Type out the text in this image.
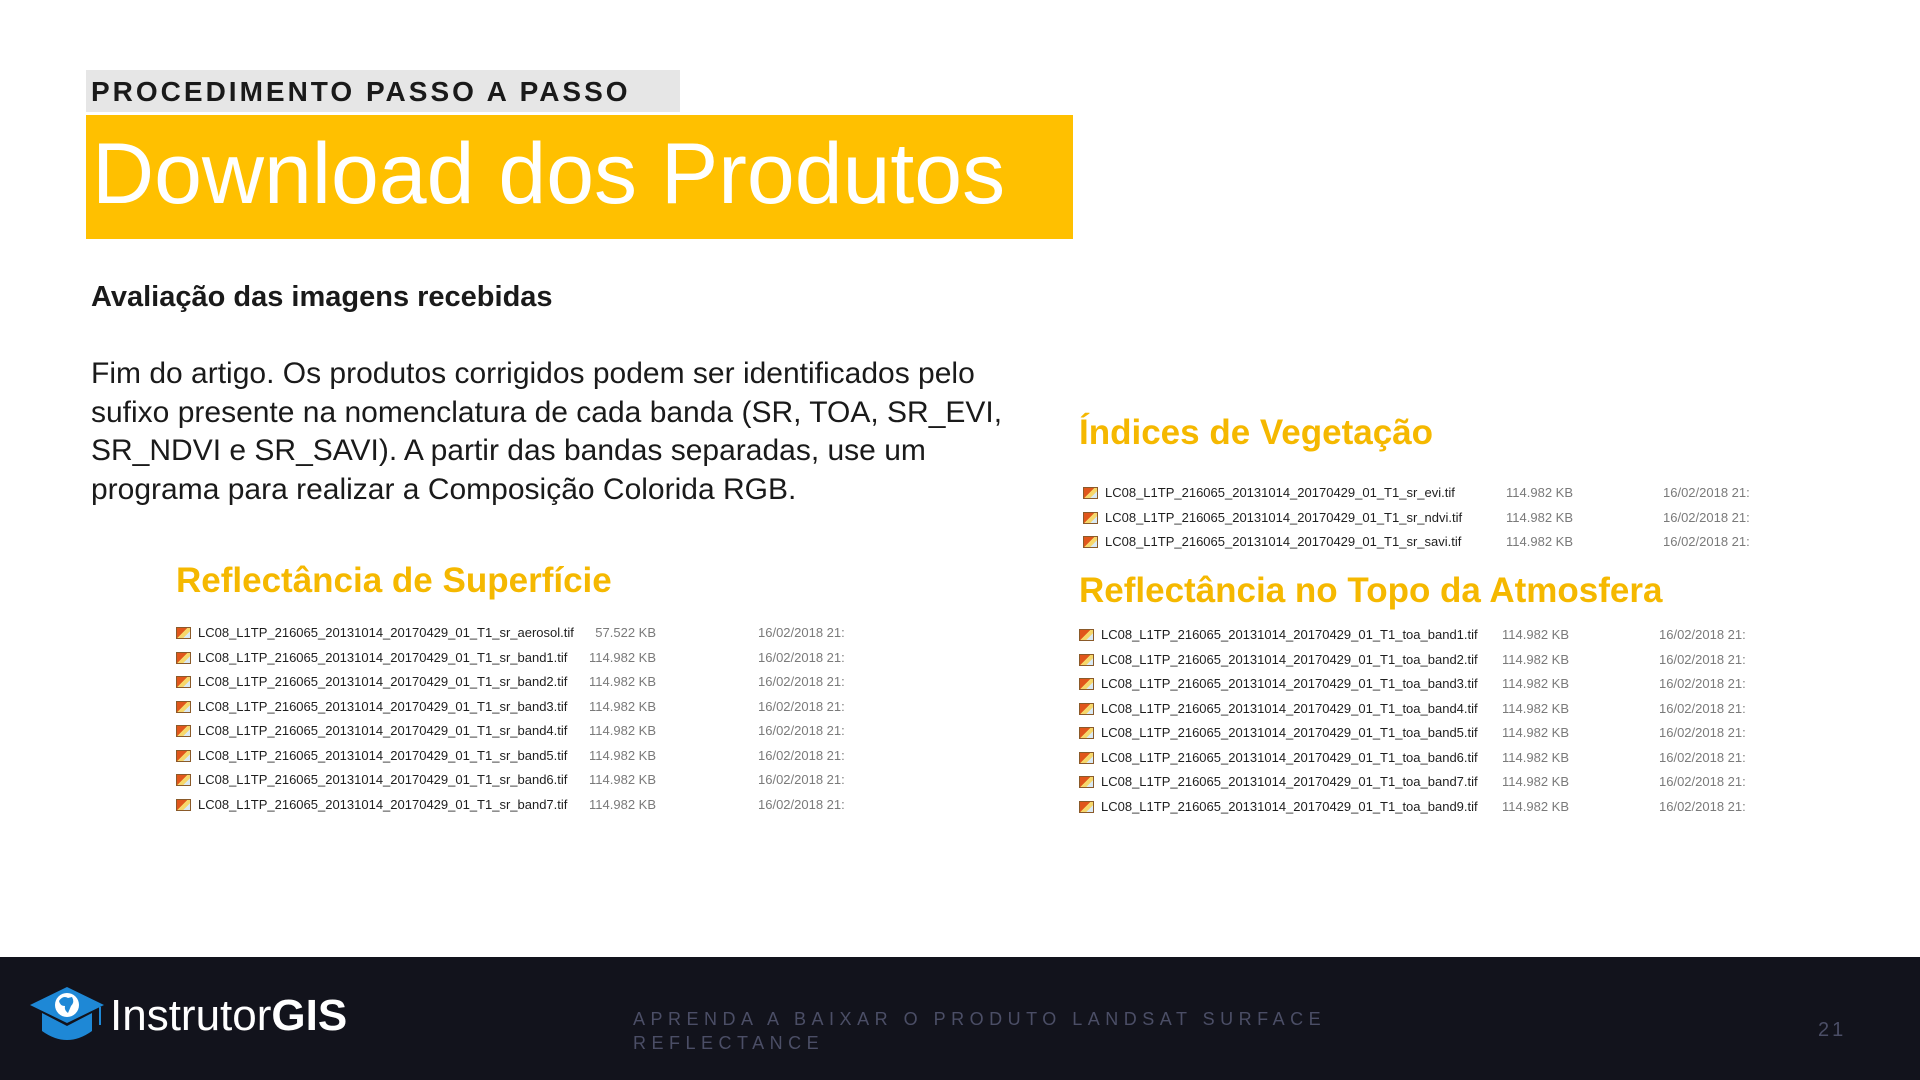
PROCEDIMENTO PASSO A PASSO
Download dos Produtos
Avaliação das imagens recebidas
Fim do artigo. Os produtos corrigidos podem ser identificados pelo sufixo presente na nomenclatura de cada banda (SR, TOA, SR_EVI, SR_NDVI e SR_SAVI). A partir das bandas separadas, use um programa para realizar a Composição Colorida RGB.
Reflectância de Superfície
LC08_L1TP_216065_20131014_20170429_01_T1_sr_aerosol.tif	57.522 KB	16/02/2018 21:
LC08_L1TP_216065_20131014_20170429_01_T1_sr_band1.tif	114.982 KB	16/02/2018 21:
LC08_L1TP_216065_20131014_20170429_01_T1_sr_band2.tif	114.982 KB	16/02/2018 21:
LC08_L1TP_216065_20131014_20170429_01_T1_sr_band3.tif	114.982 KB	16/02/2018 21:
LC08_L1TP_216065_20131014_20170429_01_T1_sr_band4.tif	114.982 KB	16/02/2018 21:
LC08_L1TP_216065_20131014_20170429_01_T1_sr_band5.tif	114.982 KB	16/02/2018 21:
LC08_L1TP_216065_20131014_20170429_01_T1_sr_band6.tif	114.982 KB	16/02/2018 21:
LC08_L1TP_216065_20131014_20170429_01_T1_sr_band7.tif	114.982 KB	16/02/2018 21:
Índices de Vegetação
LC08_L1TP_216065_20131014_20170429_01_T1_sr_evi.tif	114.982 KB	16/02/2018 21:
LC08_L1TP_216065_20131014_20170429_01_T1_sr_ndvi.tif	114.982 KB	16/02/2018 21:
LC08_L1TP_216065_20131014_20170429_01_T1_sr_savi.tif	114.982 KB	16/02/2018 21:
Reflectância no Topo da Atmosfera
LC08_L1TP_216065_20131014_20170429_01_T1_toa_band1.tif	114.982 KB	16/02/2018 21:
LC08_L1TP_216065_20131014_20170429_01_T1_toa_band2.tif	114.982 KB	16/02/2018 21:
LC08_L1TP_216065_20131014_20170429_01_T1_toa_band3.tif	114.982 KB	16/02/2018 21:
LC08_L1TP_216065_20131014_20170429_01_T1_toa_band4.tif	114.982 KB	16/02/2018 21:
LC08_L1TP_216065_20131014_20170429_01_T1_toa_band5.tif	114.982 KB	16/02/2018 21:
LC08_L1TP_216065_20131014_20170429_01_T1_toa_band6.tif	114.982 KB	16/02/2018 21:
LC08_L1TP_216065_20131014_20170429_01_T1_toa_band7.tif	114.982 KB	16/02/2018 21:
LC08_L1TP_216065_20131014_20170429_01_T1_toa_band9.tif	114.982 KB	16/02/2018 21:
InstrutorGIS	APRENDA A BAIXAR O PRODUTO LANDSAT SURFACE REFLECTANCE
21
